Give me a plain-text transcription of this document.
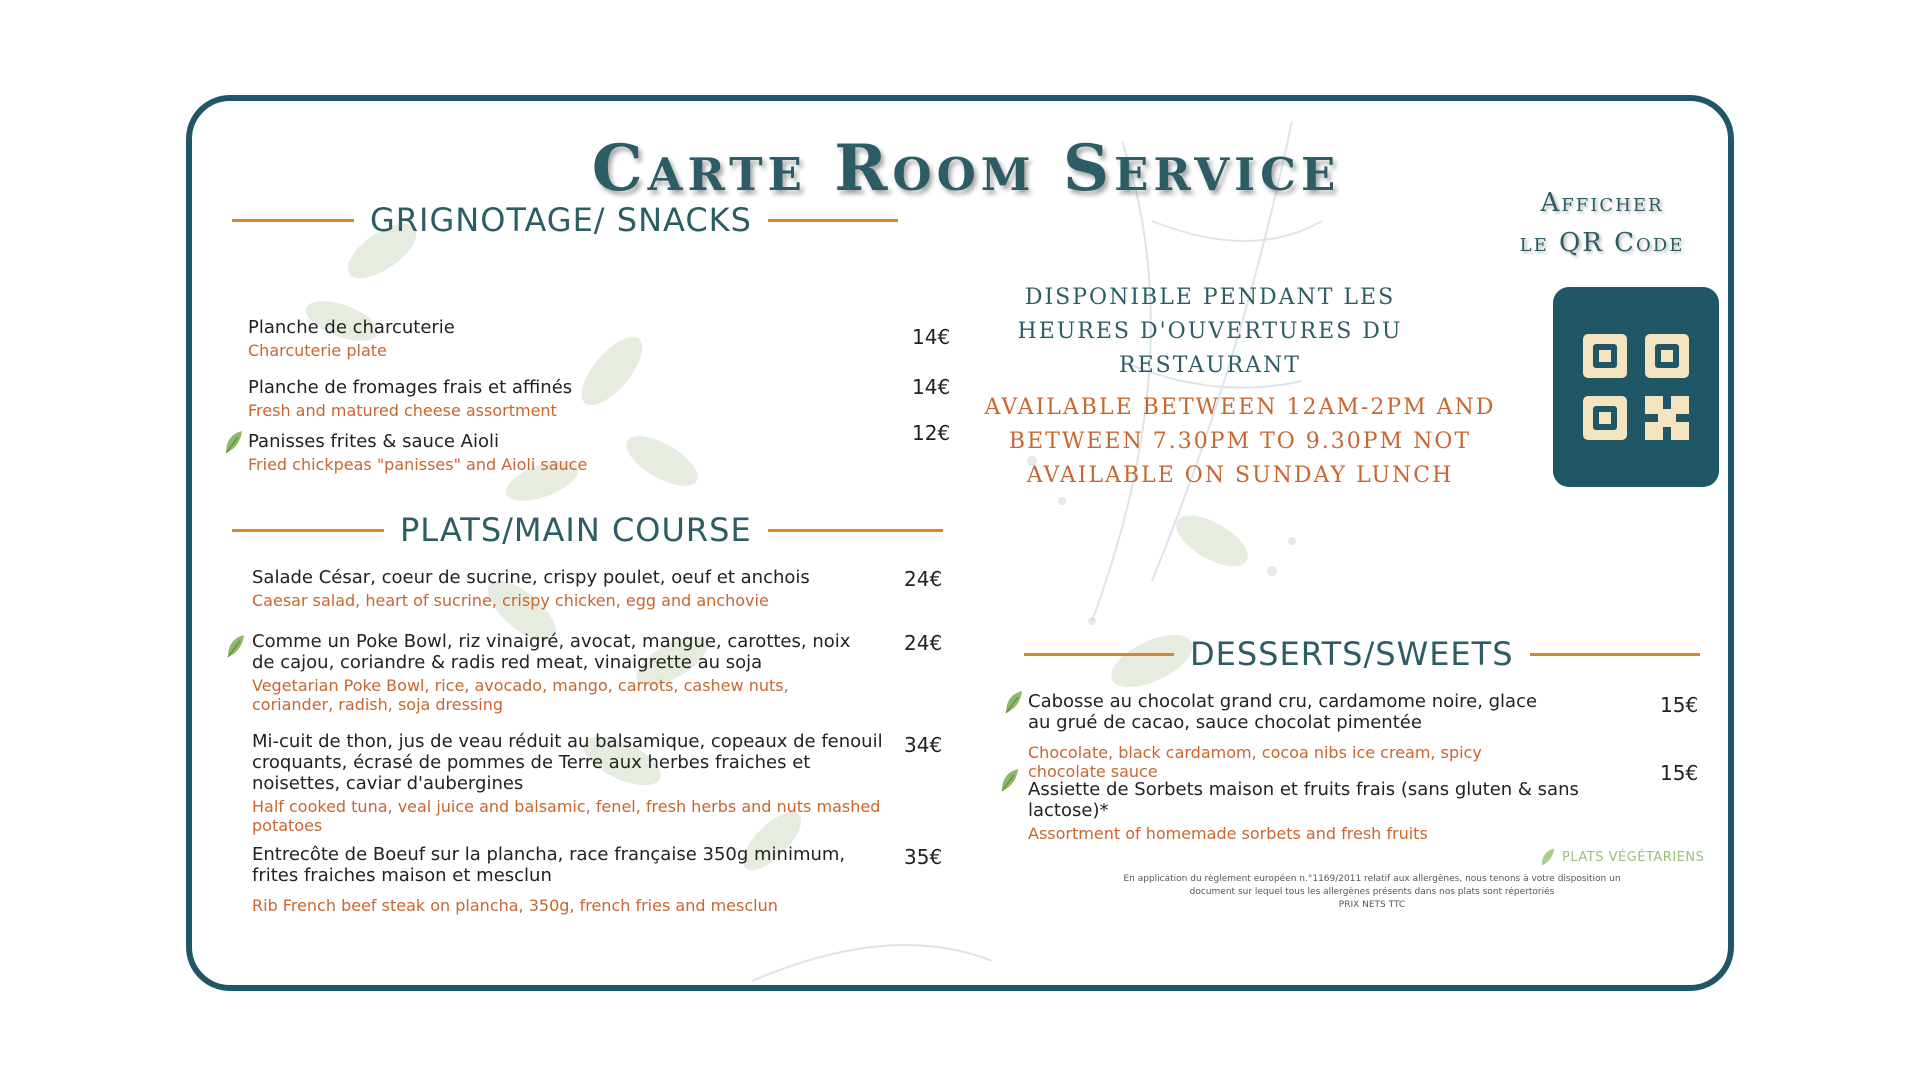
Carte Room Service	Afficher
le QR Code
GRIGNOTAGE/ SNACKS
Planche de charcuterie
Charcuterie plate
14€
Planche de fromages frais et affinés
Fresh and matured cheese assortment
14€
Panisses frites & sauce Aioli
Fried chickpeas "panisses" and Aioli sauce
12€
PLATS/MAIN COURSE
Salade César, coeur de sucrine, crispy poulet, oeuf et anchois
Caesar salad, heart of sucrine, crispy chicken, egg and anchovie
24€
Comme un Poke Bowl, riz vinaigré, avocat, mangue, carottes, noix de cajou, coriandre & radis red meat, vinaigrette au soja
Vegetarian Poke Bowl, rice, avocado, mango, carrots, cashew nuts, coriander, radish, soja dressing
24€
Mi-cuit de thon, jus de veau réduit au balsamique, copeaux de fenouil croquants, écrasé de pommes de Terre aux herbes fraiches et noisettes, caviar d'aubergines
Half cooked tuna, veal juice and balsamic, fenel, fresh herbs and nuts mashed potatoes
34€
Entrecôte de Boeuf sur la plancha, race française 350g minimum, frites fraiches maison et mesclun
Rib French beef steak on plancha, 350g, french fries and mesclun
35€
DISPONIBLE PENDANT LES HEURES D'OUVERTURES DU RESTAURANT
AVAILABLE BETWEEN 12AM-2PM AND BETWEEN 7.30PM TO 9.30PM NOT AVAILABLE ON SUNDAY LUNCH
DESSERTS/SWEETS
Cabosse au chocolat grand cru, cardamome noire, glace au grué de cacao, sauce chocolat pimentée
Chocolate, black cardamom, cocoa nibs ice cream, spicy chocolate sauce
15€
Assiette de Sorbets maison et fruits frais (sans gluten & sans lactose)*
Assortment of homemade sorbets and fresh fruits
15€
PLATS VÉGÉTARIENS
En application du règlement européen n.°1169/2011 relatif aux allergènes, nous tenons à votre disposition un
document sur lequel tous les allergènes présents dans nos plats sont répertoriés
PRIX NETS TTC
